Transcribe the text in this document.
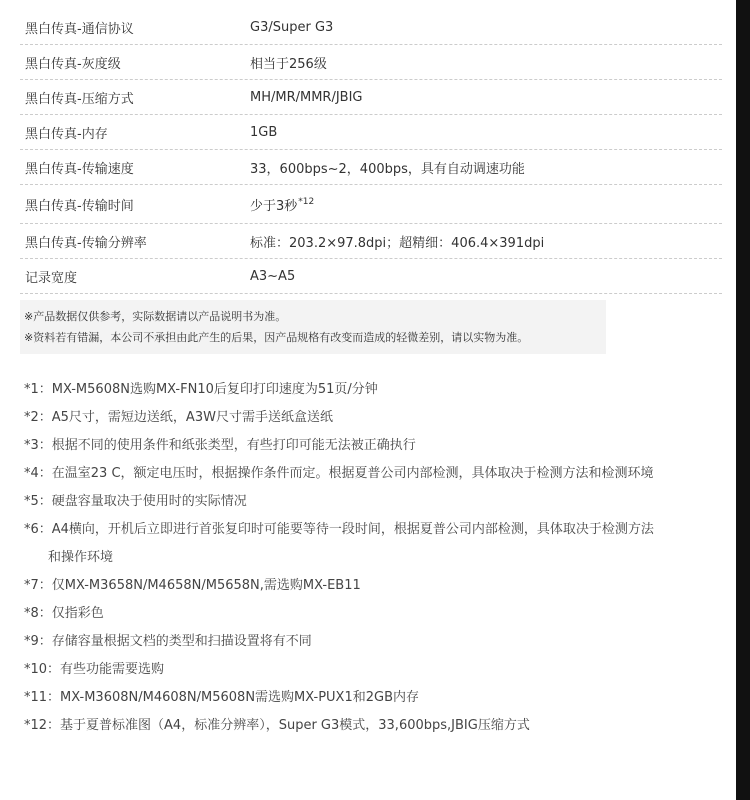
黑白传真-通信协议	G3/Super G3
黑白传真-灰度级	相当于256级
黑白传真-压缩方式	MH/MR/MMR/JBIG
黑白传真-内存	1GB
黑白传真-传输速度	33，600bps~2，400bps，具有自动调速功能
黑白传真-传输时间	少于3秒$^{*12}$
黑白传真-传输分辨率	标准：203.2×97.8dpi；超精细：406.4×391dpi
记录宽度	A3~A5
※产品数据仅供参考，实际数据请以产品说明书为准。
※资料若有错漏，本公司不承担由此产生的后果，因产品规格有改变而造成的轻微差别，请以实物为准。
*1：MX-M5608N选购MX-FN10后复印打印速度为51页/分钟
*2：A5尺寸，需短边送纸，A3W尺寸需手送纸盒送纸
*3：根据不同的使用条件和纸张类型，有些打印可能无法被正确执行
*4：在温室23 C，额定电压时，根据操作条件而定。根据夏普公司内部检测，具体取决于检测方法和检测环境
*5：硬盘容量取决于使用时的实际情况
*6：A4横向，开机后立即进行首张复印时可能要等待一段时间，根据夏普公司内部检测，具体取决于检测方法
和操作环境
*7：仅MX-M3658N/M4658N/M5658N,需选购MX-EB11
*8：仅指彩色
*9：存储容量根据文档的类型和扫描设置将有不同
*10：有些功能需要选购
*11：MX-M3608N/M4608N/M5608N需选购MX-PUX1和2GB内存
*12：基于夏普标准图（A4，标准分辨率），Super G3模式，33,600bps,JBIG压缩方式
